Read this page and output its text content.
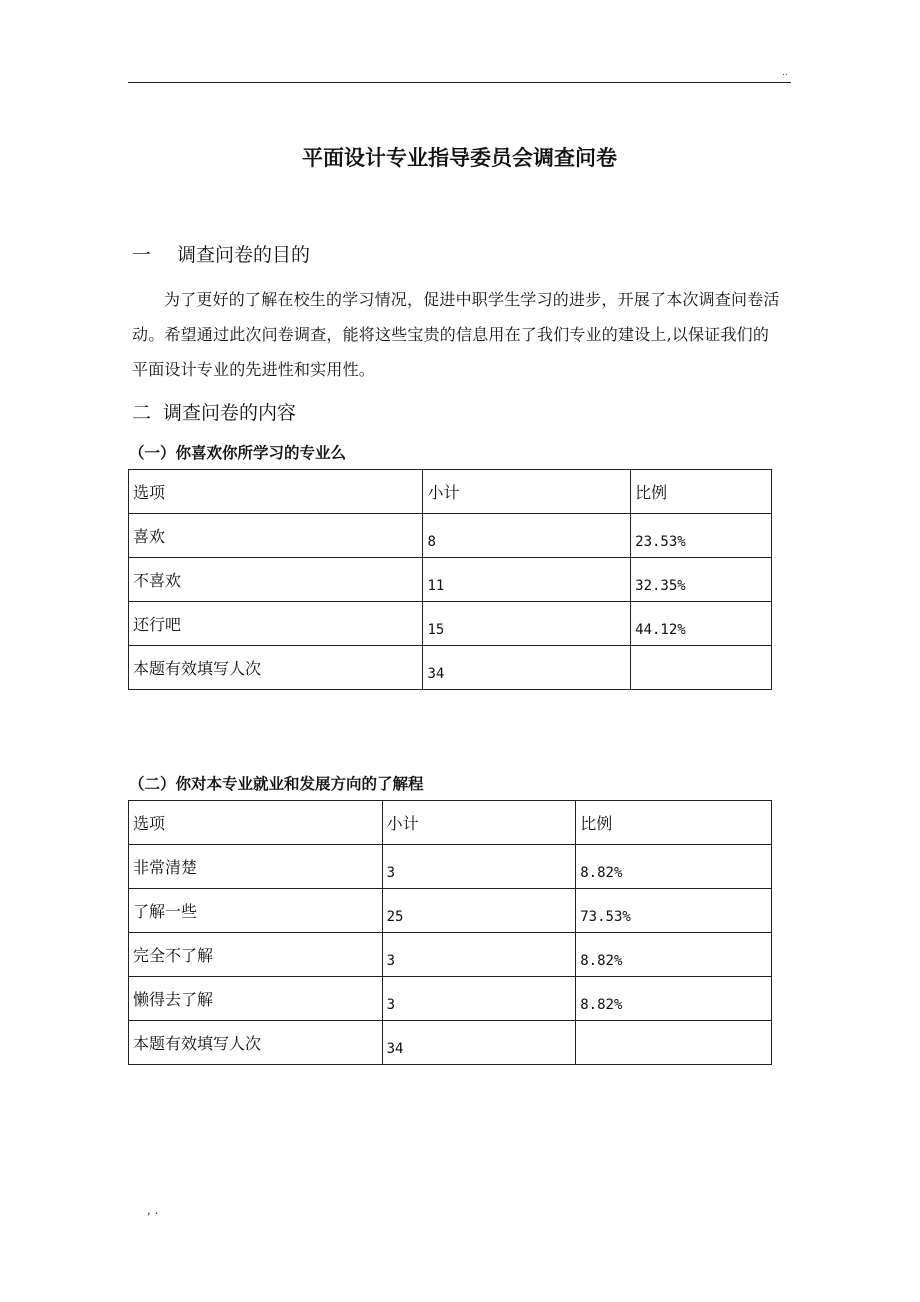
..
平面设计专业指导委员会调查问卷
一 调查问卷的目的
为了更好的了解在校生的学习情况，促进中职学生学习的进步，开展了本次调查问卷活动。希望通过此次问卷调查，能将这些宝贵的信息用在了我们专业的建设上,以保证我们的平面设计专业的先进性和实用性。
二 调查问卷的内容
（一）你喜欢你所学习的专业么
选项	小计	比例
喜欢	8	23.53%
不喜欢	11	32.35%
还行吧	15	44.12%
本题有效填写人次	34	
（二）你对本专业就业和发展方向的了解程
选项	小计	比例
非常清楚	3	8.82%
了解一些	25	73.53%
完全不了解	3	8.82%
懒得去了解	3	8.82%
本题有效填写人次	34	
, .
